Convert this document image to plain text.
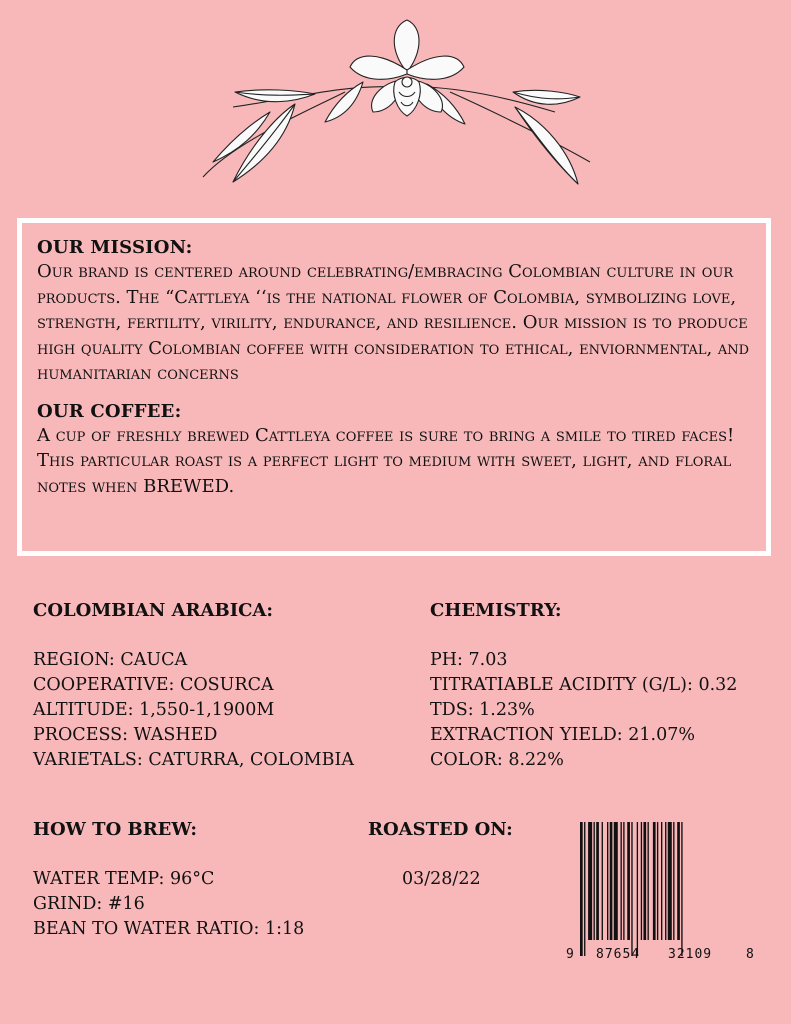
OUR MISSION:

Our brand is centered around celebrating/embracing Colombian culture in our products. The “Cattleya ‘‘is the national flower of Colombia, symbolizing love, strength, fertility, virility, endurance, and resilience. Our mission is to produce high quality Colombian coffee with consideration to ethical, enviornmental, and humanitarian concerns

OUR COFFEE:

A cup of freshly brewed Cattleya coffee is sure to bring a smile to tired faces! This particular roast is a perfect light to medium with sweet, light, and floral notes when BREWED.

COLOMBIAN ARABICA:
REGION: CAUCA
COOPERATIVE: COSURCA
ALTITUDE: 1,550-1,1900M
PROCESS: WASHED
VARIETALS: CATURRA, COLOMBIA
CHEMISTRY:
PH: 7.03
TITRATIABLE ACIDITY (G/L): 0.32
TDS: 1.23%
EXTRACTION YIELD: 21.07%
COLOR: 8.22%
HOW TO BREW:
WATER TEMP: 96°C
GRIND: #16
BEAN TO WATER RATIO: 1:18
ROASTED ON:
03/28/22
9 87654 32109	8
